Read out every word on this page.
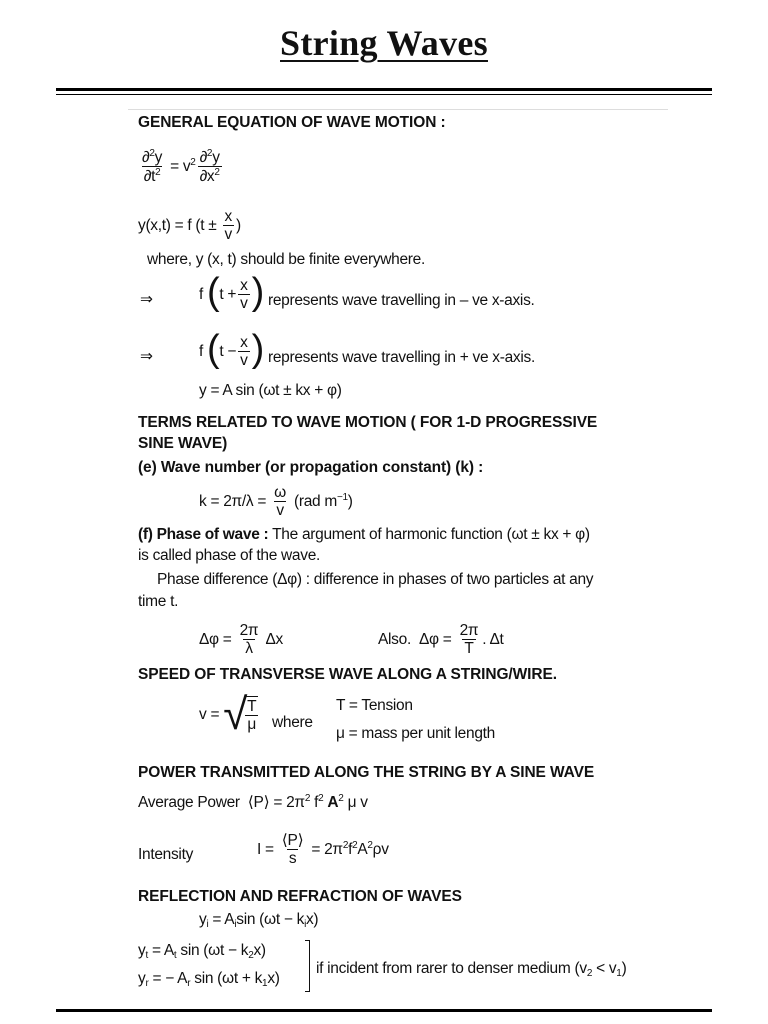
String Waves
GENERAL EQUATION OF WAVE MOTION :
$\frac{\partial^2y}{\partial t^2} = v^2 \frac{\partial^2y}{\partial x^2}$
y(x,t) = f ($t \pm \frac{x}{v}$ )
where, y (x, t) should be finite everywhere.
⇒	f ($t + \frac{x}{v}$ ) represents wave travelling in – ve x-axis.
⇒	f ($t - \frac{x}{v}$ ) represents wave travelling in + ve x-axis.
y = A sin (ωt ± kx + φ)
TERMS RELATED TO WAVE MOTION ( FOR 1-D PROGRESSIVE
SINE WAVE)
(e) Wave number (or propagation constant) (k) :
$k = 2\pi/\lambda = \frac{\omega}{v} (rad$ $m^{-1}$)
(f) Phase of wave : The argument of harmonic function (ωt ± kx + φ)
is called phase of the wave.
Phase difference (Δφ) : difference in phases of two particles at any
time t.
$\Delta\varphi = \frac{2\pi}{\lambda}$ Δx	Also.  $\Delta\varphi = \frac{2\pi}{T}$ . Δt
SPEED OF TRANSVERSE WAVE ALONG A STRING/WIRE.
v = √
$\frac{T}{\mu}$ where
T = Tension
μ = mass per unit length
POWER TRANSMITTED ALONG THE STRING BY A SINE WAVE
Average Power  ⟨P⟩ = $2\pi^2$ $f^2$ $A^2$ μ v
Intensity	$I = \frac{⟨P⟩}{s} = 2\pi^2f^2A^2\rho v$
REFLECTION AND REFRACTION OF WAVES
$y_i = A_i\sin$ $(\omega t - k_ix)$
$y_t = A_t$ $\sin (\omega t - k_2x)$
$y_r$ = − $A_r$ $\sin (\omega t + k_1x)$
if incident from rarer to denser medium $(v_2 < v_1)$
